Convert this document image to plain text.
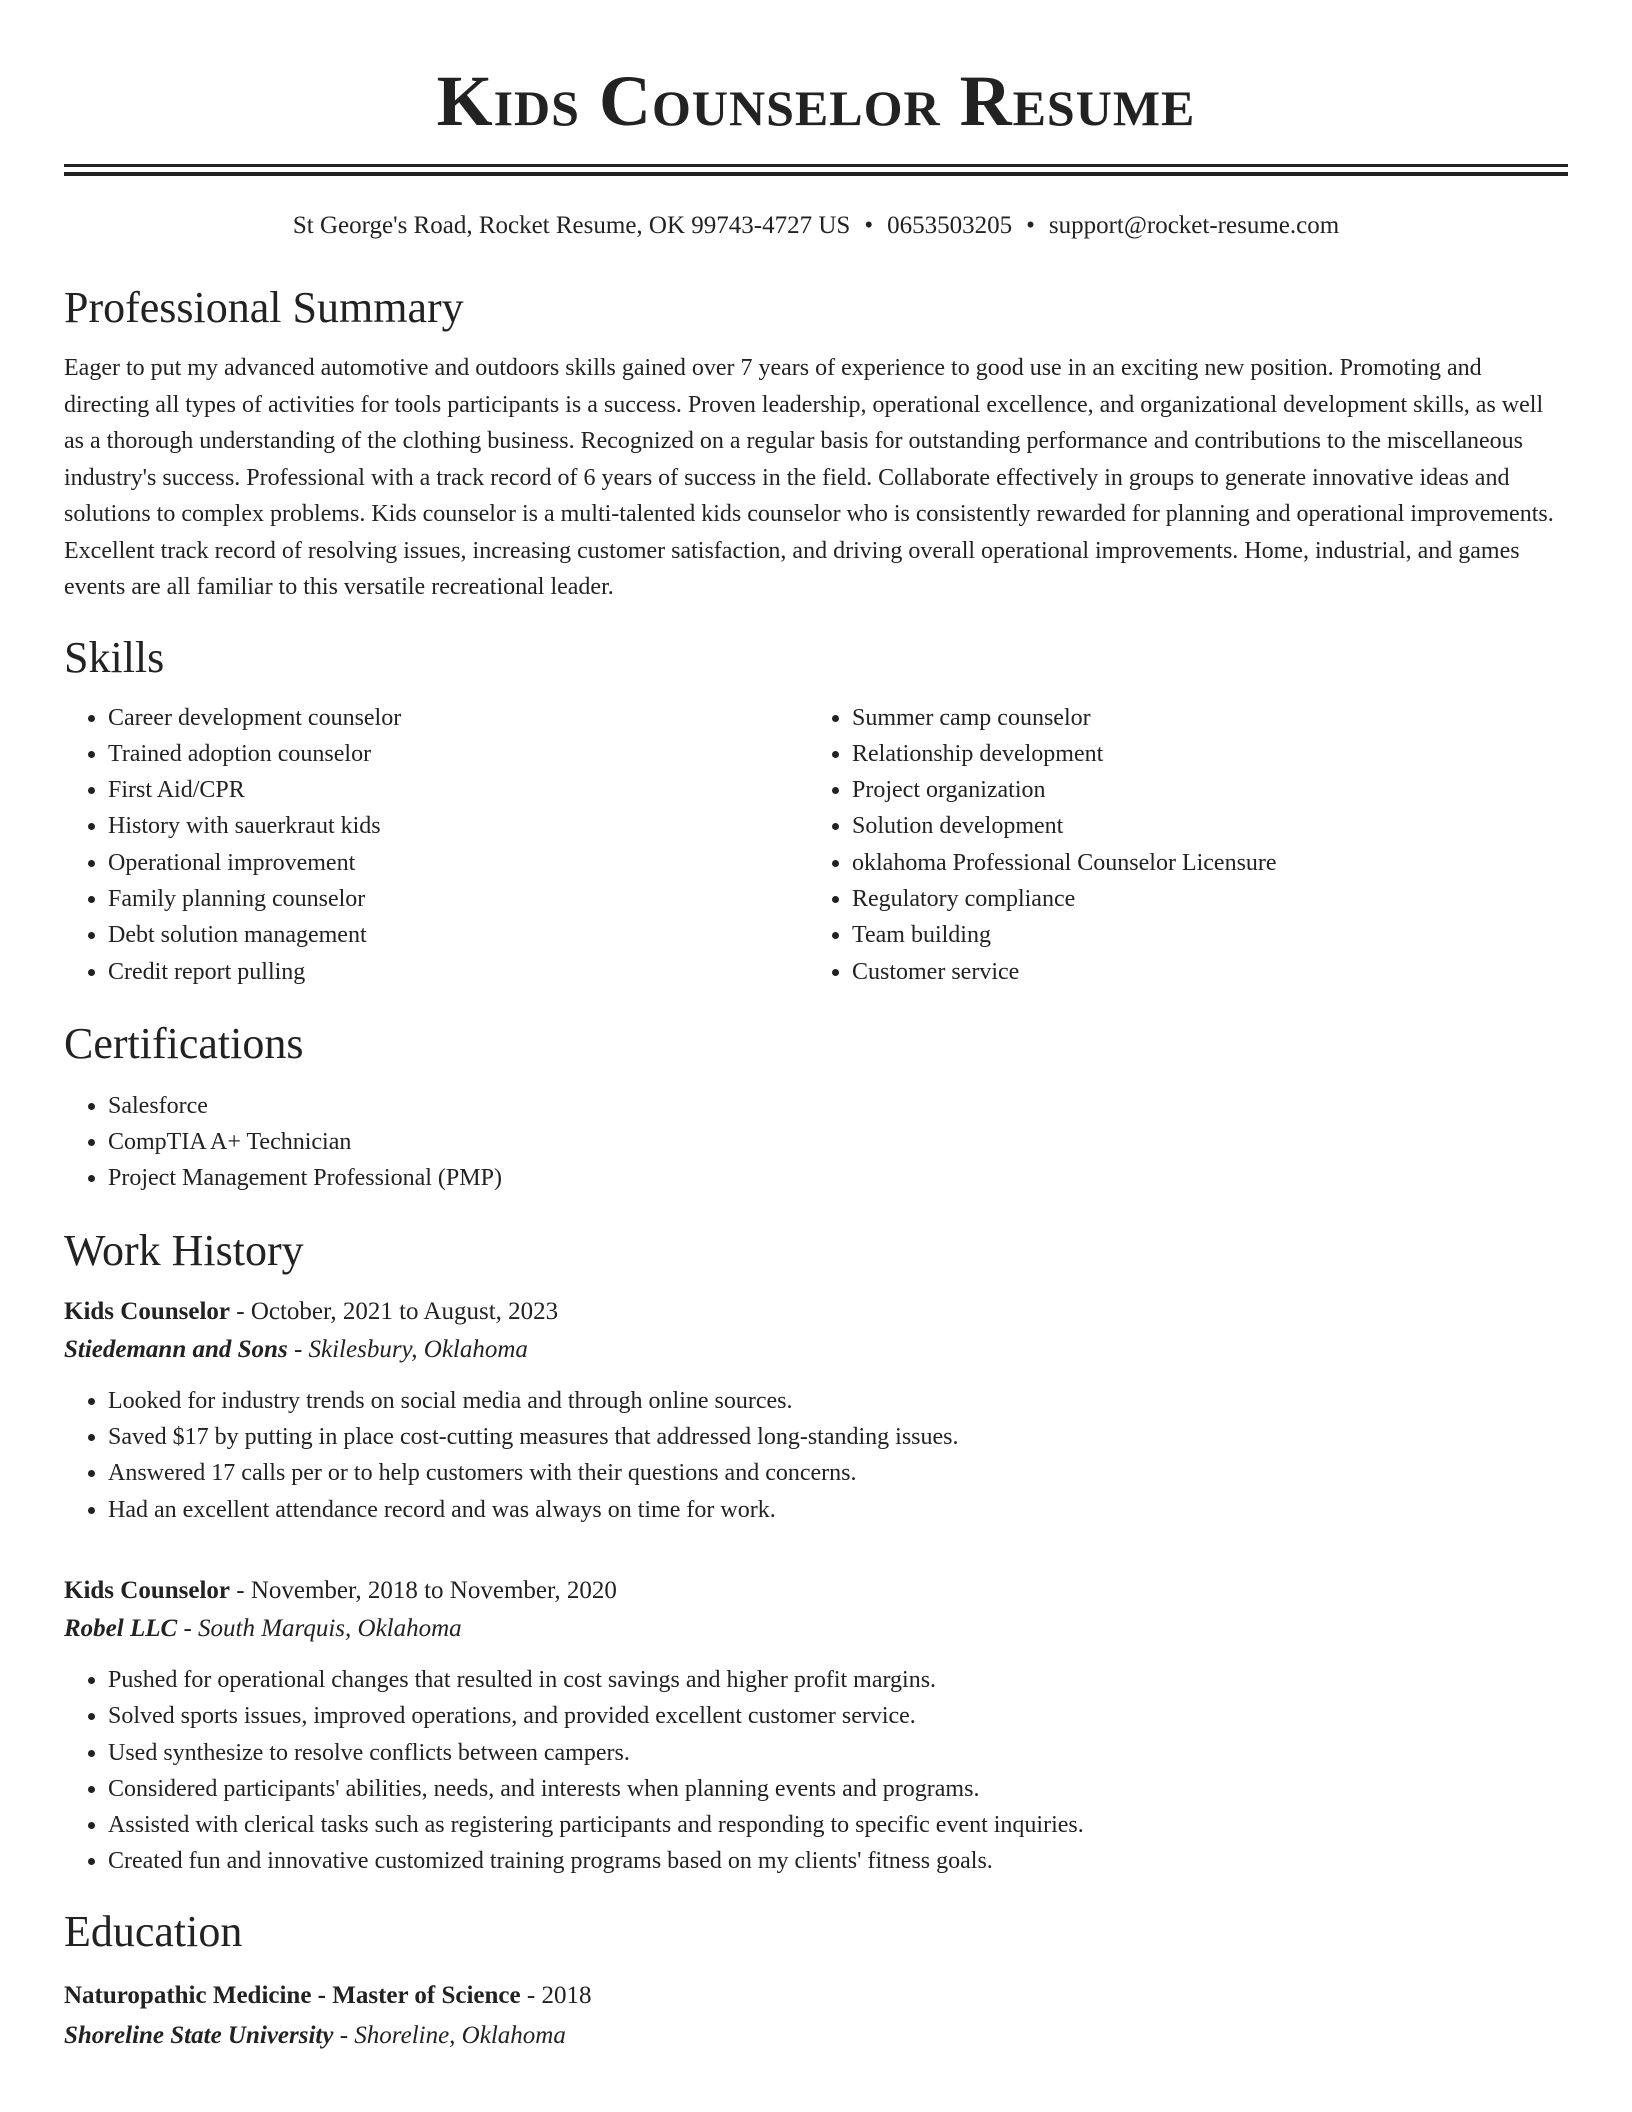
Kids Counselor Resume
St George's Road, Rocket Resume, OK 99743-4727 US • 0653503205 • support@rocket-resume.com
Professional Summary

Eager to put my advanced automotive and outdoors skills gained over 7 years of experience to good use in an exciting new position. Promoting and directing all types of activities for tools participants is a success. Proven leadership, operational excellence, and organizational development skills, as well as a thorough understanding of the clothing business. Recognized on a regular basis for outstanding performance and contributions to the miscellaneous industry's success. Professional with a track record of 6 years of success in the field. Collaborate effectively in groups to generate innovative ideas and solutions to complex problems. Kids counselor is a multi-talented kids counselor who is consistently rewarded for planning and operational improvements. Excellent track record of resolving issues, increasing customer satisfaction, and driving overall operational improvements. Home, industrial, and games events are all familiar to this versatile recreational leader.

Skills
• Career development counselor
• Trained adoption counselor
• First Aid/CPR
• History with sauerkraut kids
• Operational improvement
• Family planning counselor
• Debt solution management
• Credit report pulling
• Summer camp counselor
• Relationship development
• Project organization
• Solution development
• oklahoma Professional Counselor Licensure
• Regulatory compliance
• Team building
• Customer service
Certifications
• Salesforce
• CompTIA A+ Technician
• Project Management Professional (PMP)
Work History
Kids Counselor - October, 2021 to August, 2023
Stiedemann and Sons - Skilesbury, Oklahoma
• Looked for industry trends on social media and through online sources.
• Saved $17 by putting in place cost-cutting measures that addressed long-standing issues.
• Answered 17 calls per or to help customers with their questions and concerns.
• Had an excellent attendance record and was always on time for work.
Kids Counselor - November, 2018 to November, 2020
Robel LLC - South Marquis, Oklahoma
• Pushed for operational changes that resulted in cost savings and higher profit margins.
• Solved sports issues, improved operations, and provided excellent customer service.
• Used synthesize to resolve conflicts between campers.
• Considered participants' abilities, needs, and interests when planning events and programs.
• Assisted with clerical tasks such as registering participants and responding to specific event inquiries.
• Created fun and innovative customized training programs based on my clients' fitness goals.
Education
Naturopathic Medicine - Master of Science - 2018
Shoreline State University - Shoreline, Oklahoma
